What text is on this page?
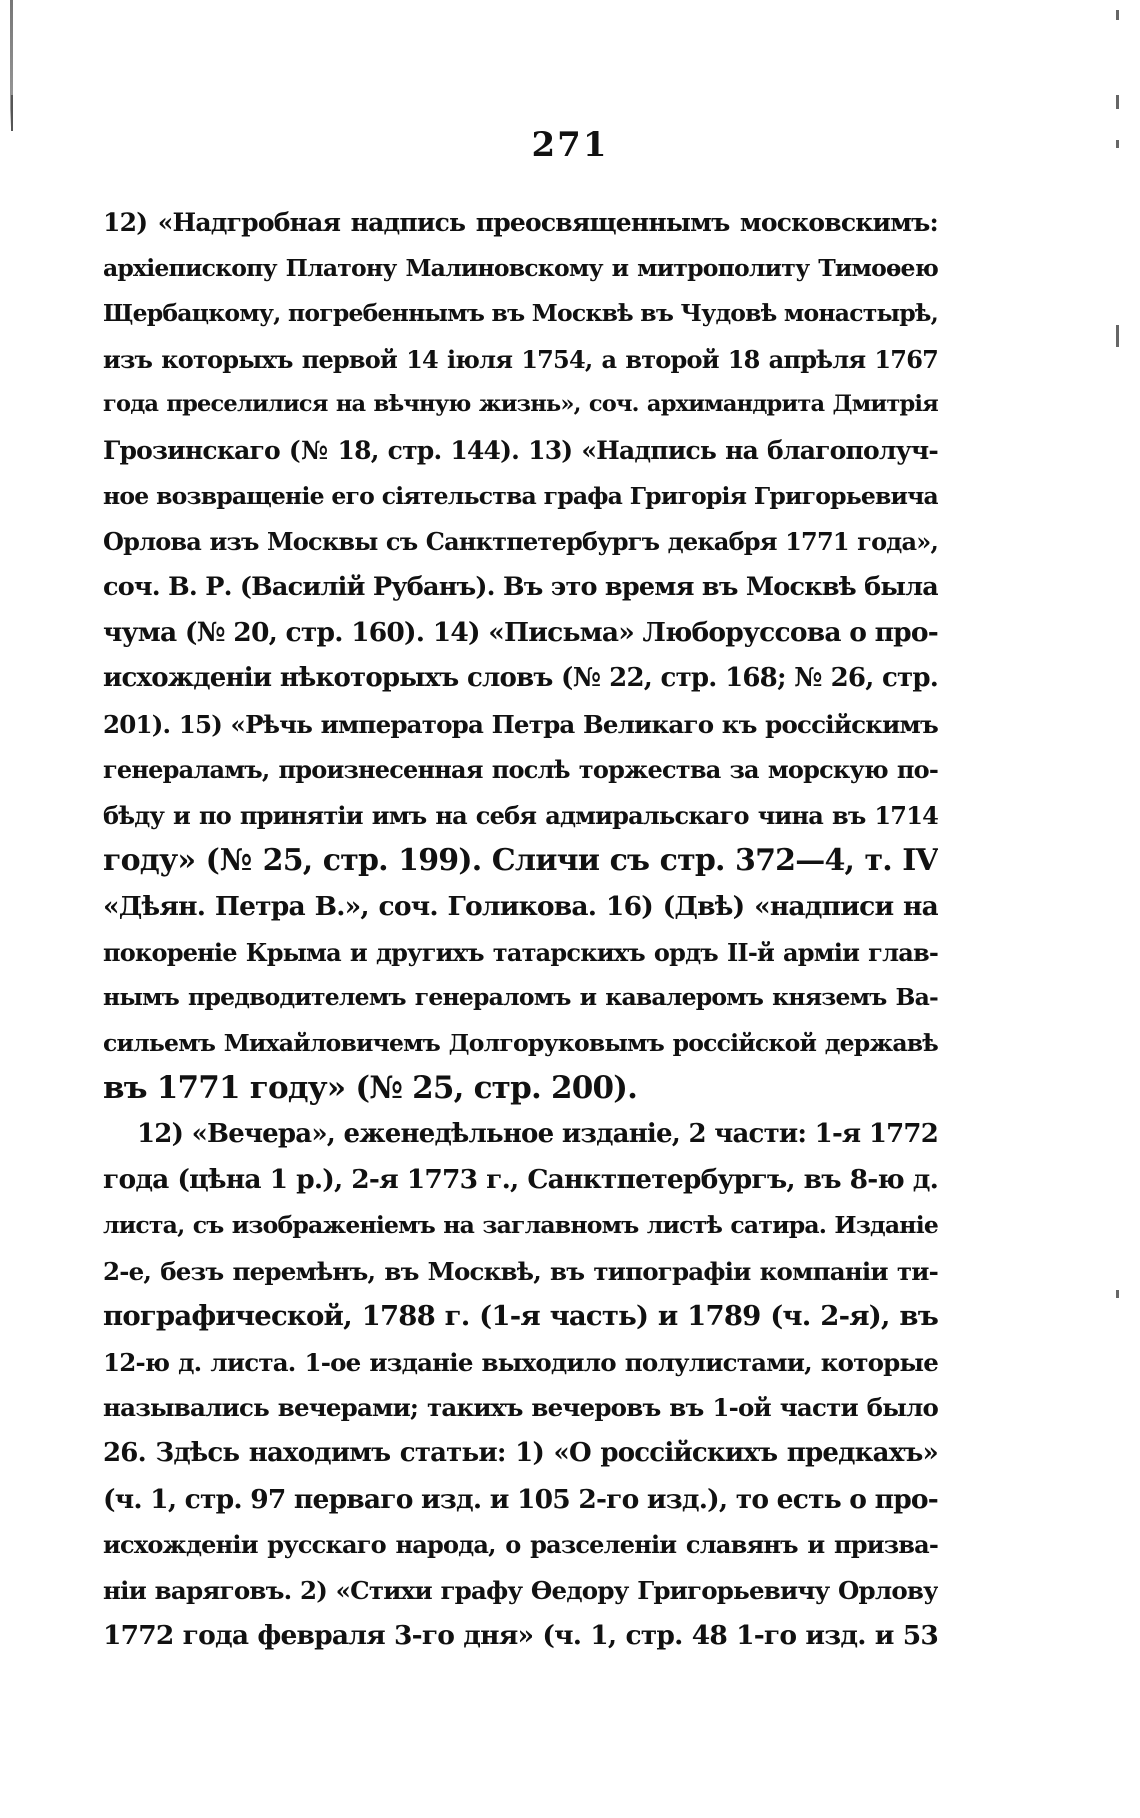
271
12) «Надгробная надпись преосвященнымъ московскимъ:
архіепископу Платону Малиновскому и митрополиту Тимоѳею
Щербацкому, погребеннымъ въ Москвѣ въ Чудовѣ монастырѣ,
изъ которыхъ первой 14 іюля 1754, а второй 18 апрѣля 1767
года преселилися на вѣчную жизнь», соч. архимандрита Дмитрія
Грозинскаго (№ 18, стр. 144). 13) «Надпись на благополуч-
ное возвращеніе его сіятельства графа Григорія Григорьевича
Орлова изъ Москвы съ Санктпетербургъ декабря 1771 года»,
соч. В. Р. (Василій Рубанъ). Въ это время въ Москвѣ была
чума (№ 20, стр. 160). 14) «Письма» Люборуссова о про-
исхожденіи нѣкоторыхъ словъ (№ 22, стр. 168; № 26, стр.
201). 15) «Рѣчь императора Петра Великаго къ россійскимъ
генераламъ, произнесенная послѣ торжества за морскую по-
бѣду и по принятіи имъ на себя адмиральскаго чина въ 1714
году» (№ 25, стр. 199). Сличи съ стр. 372—4, т. IV
«Дѣян. Петра В.», соч. Голикова. 16) (Двѣ) «надписи на
покореніе Крыма и другихъ татарскихъ ордъ II-й арміи глав-
нымъ предводителемъ генераломъ и кавалеромъ княземъ Ва-
сильемъ Михайловичемъ Долгоруковымъ россійской державѣ
въ 1771 году» (№ 25, стр. 200).
12) «Вечера», еженедѣльное изданіе, 2 части: 1-я 1772
года (цѣна 1 р.), 2-я 1773 г., Санктпетербургъ, въ 8-ю д.
листа, съ изображеніемъ на заглавномъ листѣ сатира. Изданіе
2-е, безъ перемѣнъ, въ Москвѣ, въ типографіи компаніи ти-
пографической, 1788 г. (1-я часть) и 1789 (ч. 2-я), въ
12-ю д. листа. 1-ое изданіе выходило полулистами, которые
назывались вечерами; такихъ вечеровъ въ 1-ой части было
26. Здѣсь находимъ статьи: 1) «О россійскихъ предкахъ»
(ч. 1, стр. 97 перваго изд. и 105 2-го изд.), то есть о про-
исхожденіи русскаго народа, о разселеніи славянъ и призва-
ніи варяговъ. 2) «Стихи графу Ѳедору Григорьевичу Орлову
1772 года февраля 3-го дня» (ч. 1, стр. 48 1-го изд. и 53
